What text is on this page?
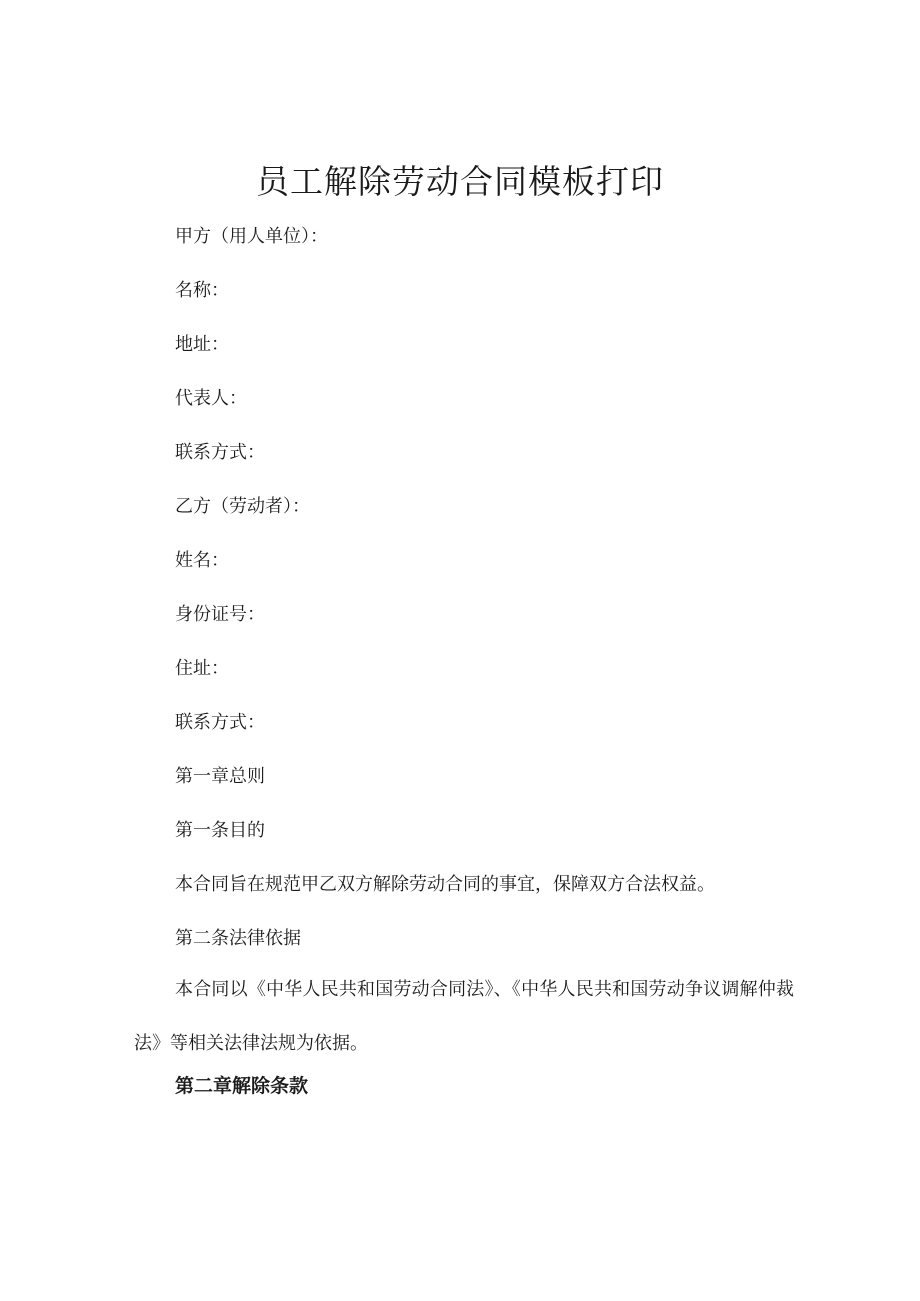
员工解除劳动合同模板打印

甲方（用人单位）：

名称：

地址：

代表人：

联系方式：

乙方（劳动者）：

姓名：

身份证号：

住址：

联系方式：

第一章总则

第一条目的

本合同旨在规范甲乙双方解除劳动合同的事宜，保障双方合法权益。

第二条法律依据

本合同以《中华人民共和国劳动合同法》、《中华人民共和国劳动争议调解仲裁法》等相关法律法规为依据。

第二章解除条款
